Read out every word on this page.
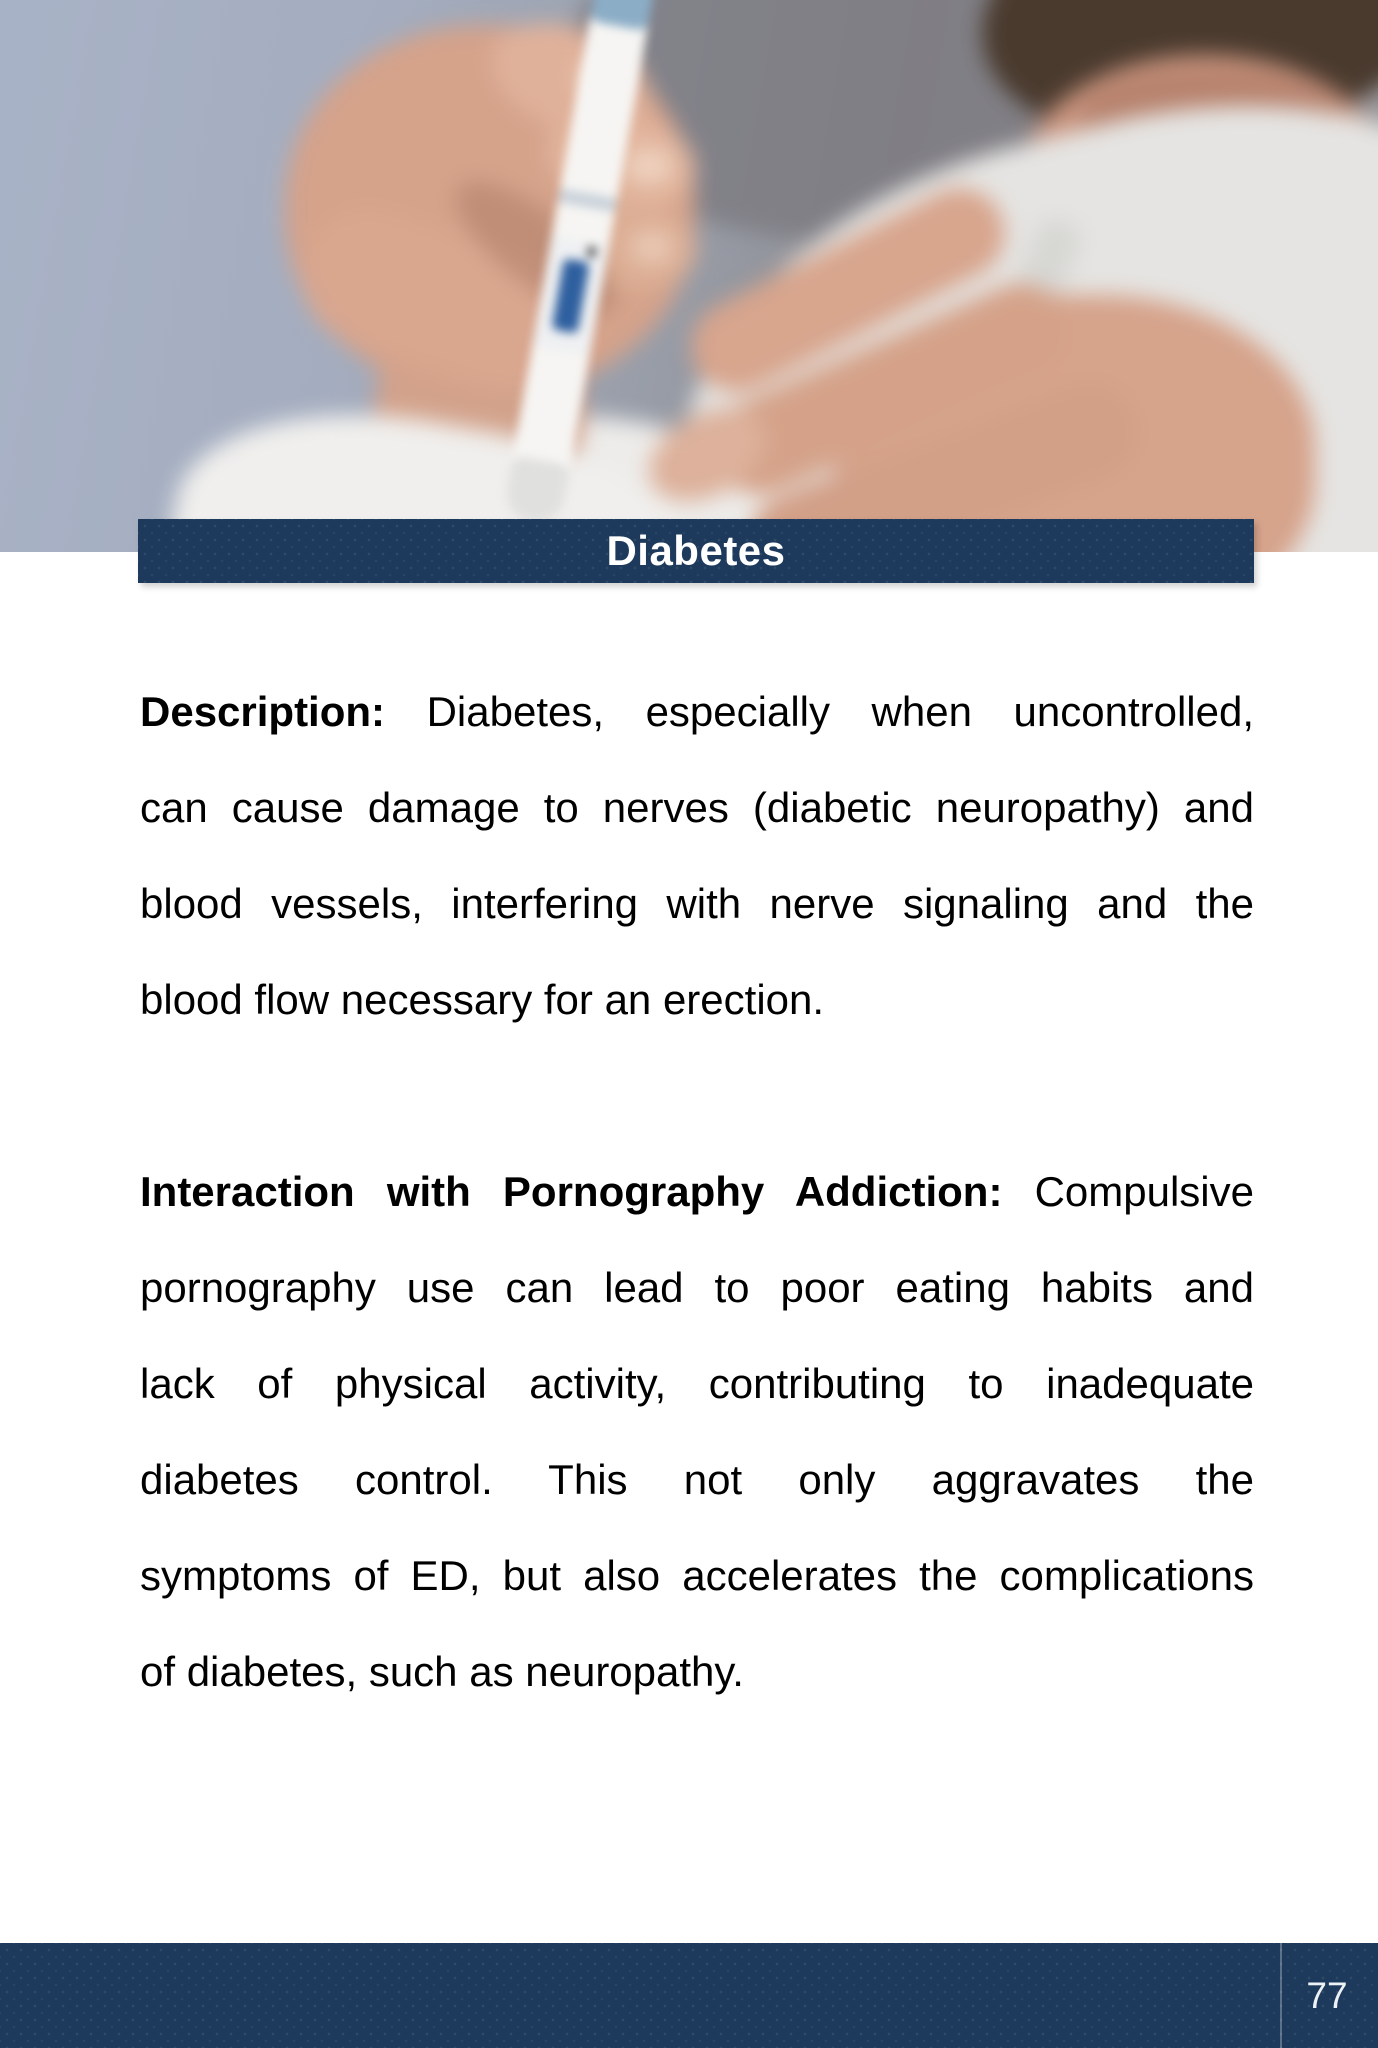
Diabetes
Description: Diabetes, especially when uncontrolled,
can cause damage to nerves (diabetic neuropathy) and
blood vessels, interfering with nerve signaling and the
blood flow necessary for an erection.
Interaction with Pornography Addiction: Compulsive
pornography use can lead to poor eating habits and
lack of physical activity, contributing to inadequate
diabetes control. This not only aggravates the
symptoms of ED, but also accelerates the complications
of diabetes, such as neuropathy.
77
